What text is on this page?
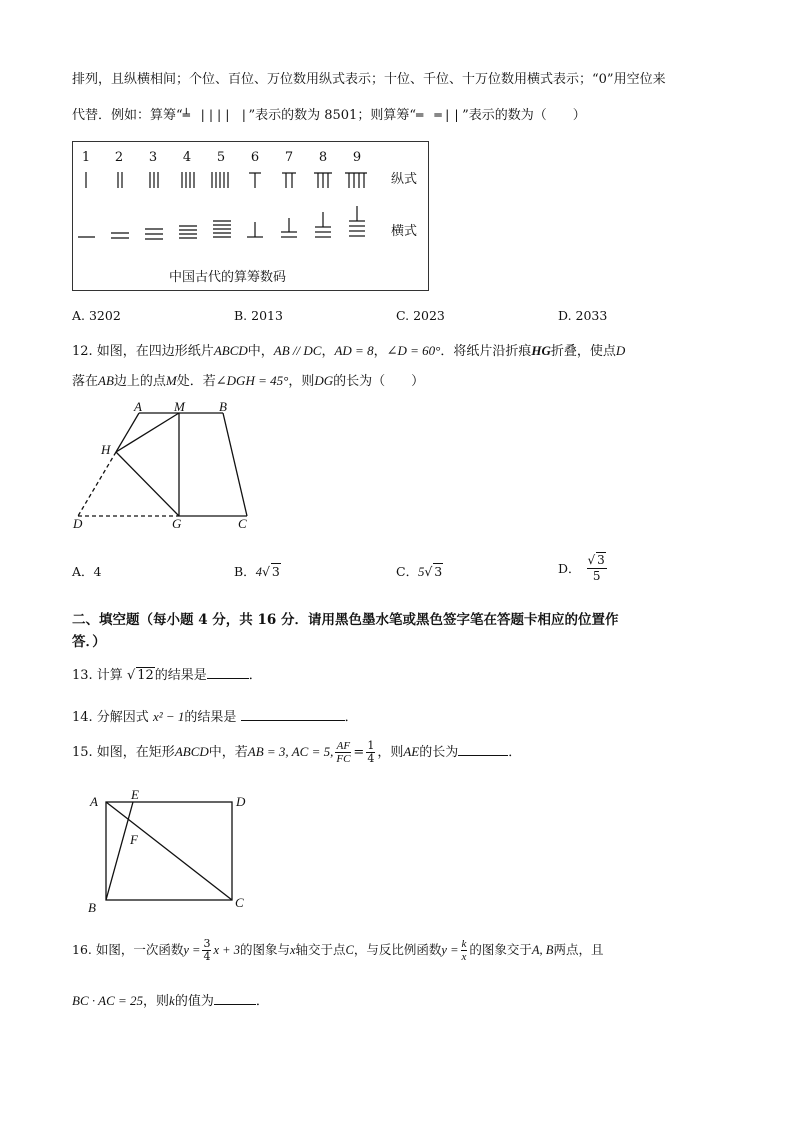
排列，且纵横相间；个位、百位、万位数用纵式表示；十位、千位、十万位数用横式表示；“0”用空位来
代替．例如：算筹“╧ |||| |”表示的数为 8501；则算筹“═ ═||”表示的数为（　　）
1	2	3	4	5	6	7	8	9
纵式
横式
中国古代的算筹数码
A. 3202	B. 2013	C. 2023	D. 2033
12. 如图，在四边形纸片ABCD中，AB // DC，AD = 8，∠D = 60°．将纸片沿折痕HG折叠，使点D
落在AB边上的点M处．若∠DGH = 45°，则DG的长为（　　）
A M	B
H
D	G	C
A．4	B．4√ 3	C．5√ 3	D． $\frac{√ 3}{5}$
二、填空题（每小题 4 分，共 16 分．请用黑色墨水笔或黑色签字笔在答题卡相应的位置作
答．）
13. 计算 √ 12的结果是	．
14. 分解因式 x² − 1的结果是	．
15. 如图，在矩形ABCD中，若AB = 3, AC = 5, $\frac{AF}{FC} = \frac{1}{4}$ ，则AE的长为	．
A	E	D
F
B	C
16. 如图，一次函数$y = \frac{3}{4}$ x + 3的图象与x轴交于点C，与反比例函数$y = \frac{k}{x}$ 的图象交于A, B两点，且
BC · AC = 25，则k的值为	．
